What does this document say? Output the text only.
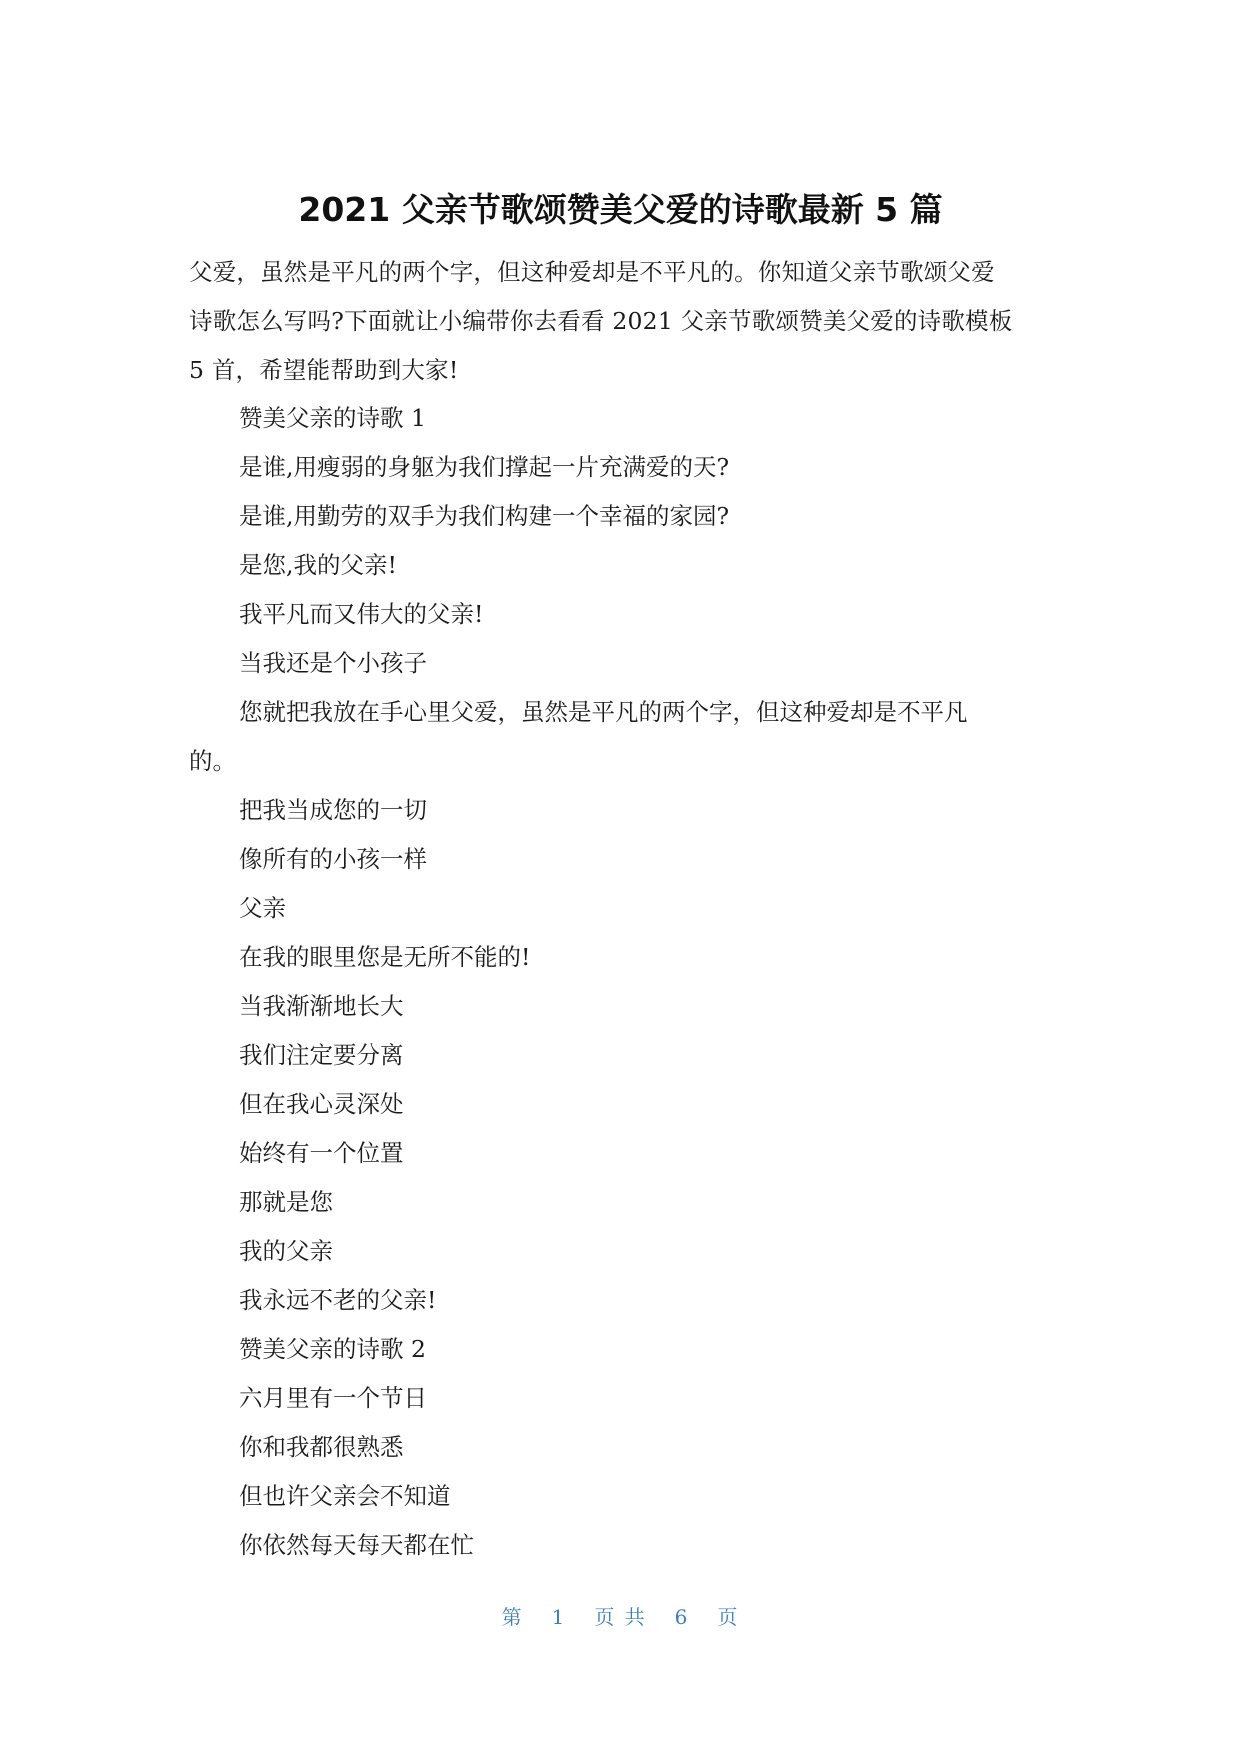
2021 父亲节歌颂赞美父爱的诗歌最新 5 篇

父爱，虽然是平凡的两个字，但这种爱却是不平凡的。你知道父亲节歌颂父爱
诗歌怎么写吗?下面就让小编带你去看看 2021 父亲节歌颂赞美父爱的诗歌模板
5 首，希望能帮助到大家!

赞美父亲的诗歌 1
是谁,用瘦弱的身躯为我们撑起一片充满爱的天?
是谁,用勤劳的双手为我们构建一个幸福的家园?
是您,我的父亲!
我平凡而又伟大的父亲!
当我还是个小孩子
您就把我放在手心里父爱，虽然是平凡的两个字，但这种爱却是不平凡
的。
把我当成您的一切
像所有的小孩一样
父亲
在我的眼里您是无所不能的!
当我渐渐地长大
我们注定要分离
但在我心灵深处
始终有一个位置
那就是您
我的父亲
我永远不老的父亲!
赞美父亲的诗歌 2
六月里有一个节日
你和我都很熟悉
但也许父亲会不知道
你依然每天每天都在忙
第 1 页 共 6 页
